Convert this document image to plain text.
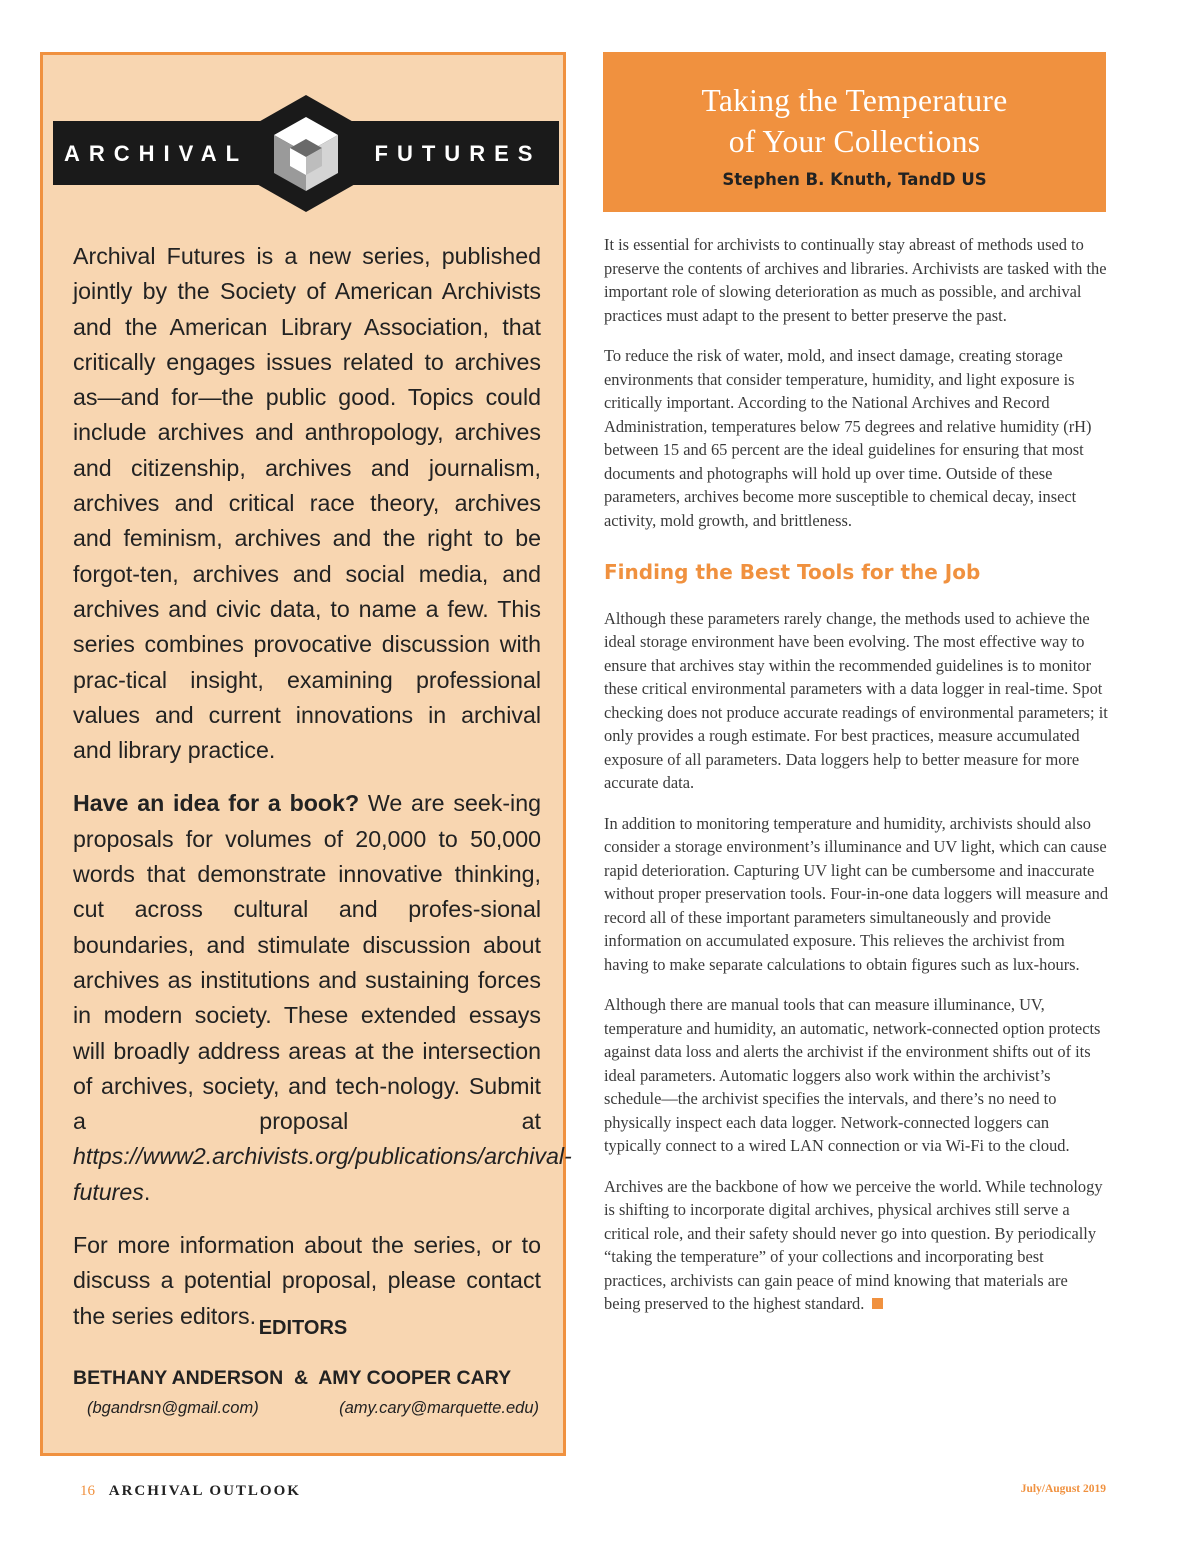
ARCHIVAL	FUTURES

Archival Futures is a new series, published jointly by the Society of American Archivists and the American Library Association, that critically engages issues related to archives as—and for—the public good. Topics could include archives and anthropology, archives and citizenship, archives and journalism, archives and critical race theory, archives and feminism, archives and the right to be forgot-ten, archives and social media, and archives and civic data, to name a few. This series combines provocative discussion with prac-tical insight, examining professional values and current innovations in archival and library practice.

Have an idea for a book? We are seek-ing proposals for volumes of 20,000 to 50,000 words that demonstrate innovative thinking, cut across cultural and profes-sional boundaries, and stimulate discussion about archives as institutions and sustaining forces in modern society. These extended essays will broadly address areas at the intersection of archives, society, and tech-nology. Submit a proposal at https://www2.archivists.org/publications/archival-futures.

For more information about the series, or to discuss a potential proposal, please contact the series editors. EDITORS
BETHANY ANDERSON  &  AMY COOPER CARY
(bgandrsn@gmail.com)	(amy.cary@marquette.edu)
Taking the Temperature
of Your Collections
Stephen B. Knuth, TandD US

It is essential for archivists to continually stay abreast of methods used to preserve the contents of archives and libraries. Archivists are tasked with the important role of slowing deterioration as much as possible, and archival practices must adapt to the present to better preserve the past.

To reduce the risk of water, mold, and insect damage, creating storage environments that consider temperature, humidity, and light exposure is critically important. According to the National Archives and Record Administration, temperatures below 75 degrees and relative humidity (rH) between 15 and 65 percent are the ideal guidelines for ensuring that most documents and photographs will hold up over time. Outside of these parameters, archives become more susceptible to chemical decay, insect activity, mold growth, and brittleness.

Finding the Best Tools for the Job

Although these parameters rarely change, the methods used to achieve the ideal storage environment have been evolving. The most effective way to ensure that archives stay within the recommended guidelines is to monitor these critical environmental parameters with a data logger in real-time. Spot checking does not produce accurate readings of environmental parameters; it only provides a rough estimate. For best practices, measure accumulated exposure of all parameters. Data loggers help to better measure for more accurate data.

In addition to monitoring temperature and humidity, archivists should also consider a storage environment’s illuminance and UV light, which can cause rapid deterioration. Capturing UV light can be cumbersome and inaccurate without proper preservation tools. Four-in-one data loggers will measure and record all of these important parameters simultaneously and provide information on accumulated exposure. This relieves the archivist from having to make separate calculations to obtain figures such as lux-hours.

Although there are manual tools that can measure illuminance, UV, temperature and humidity, an automatic, network-connected option protects against data loss and alerts the archivist if the environment shifts out of its ideal parameters. Automatic loggers also work within the archivist’s schedule—the archivist specifies the intervals, and there’s no need to physically inspect each data logger. Network-connected loggers can typically connect to a wired LAN connection or via Wi-Fi to the cloud.

Archives are the backbone of how we perceive the world. While technology is shifting to incorporate digital archives, physical archives still serve a critical role, and their safety should never go into question. By periodically “taking the temperature” of your collections and incorporating best practices, archivists can gain peace of mind knowing that materials are being preserved to the highest standard.

16 ARCHIVAL OUTLOOK	July/August 2019
